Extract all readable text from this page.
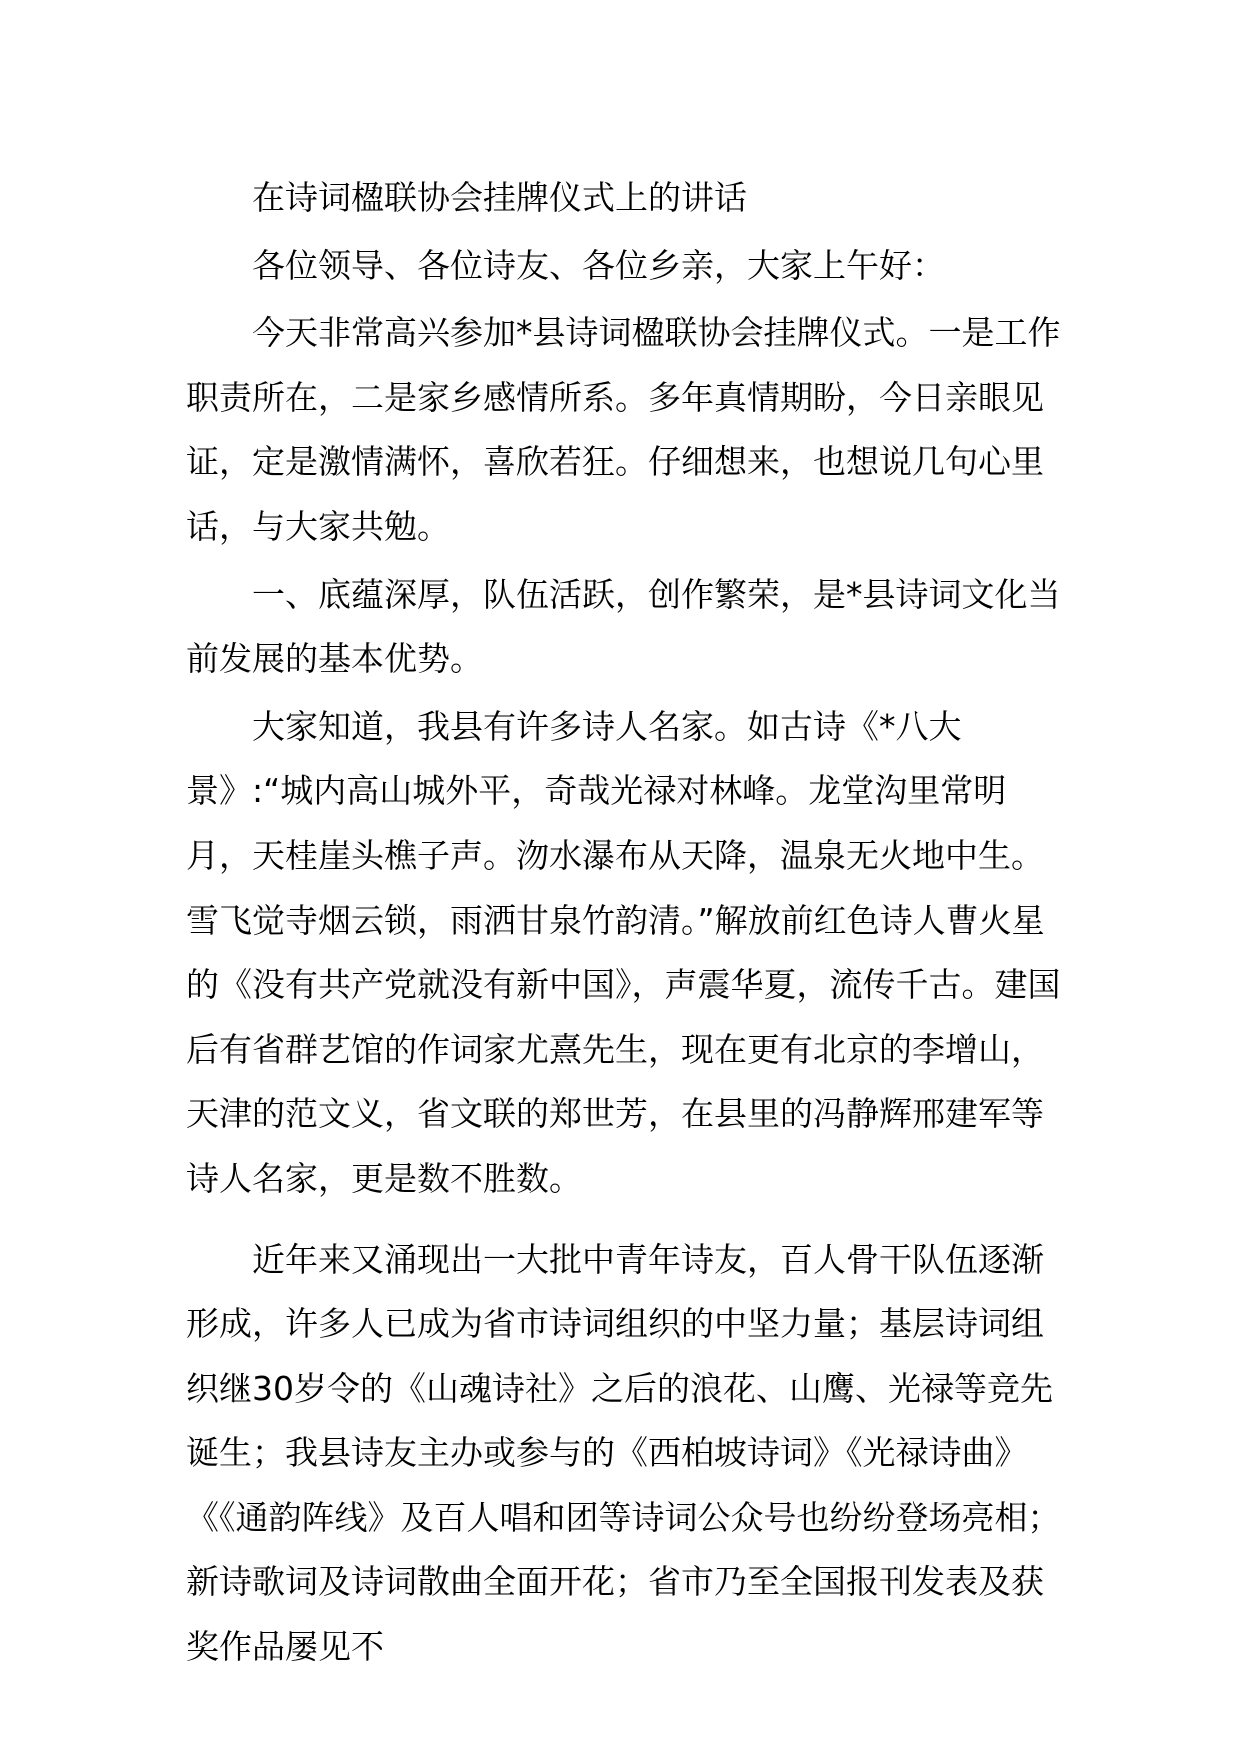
在诗词楹联协会挂牌仪式上的讲话

各位领导、各位诗友、各位乡亲，大家上午好：

今天非常高兴参加*县诗词楹联协会挂牌仪式。一是工作职责所在，二是家乡感情所系。多年真情期盼，今日亲眼见证，定是激情满怀，喜欣若狂。仔细想来，也想说几句心里话，与大家共勉。

一、底蕴深厚，队伍活跃，创作繁荣，是*县诗词文化当前发展的基本优势。

大家知道，我县有许多诗人名家。如古诗《*八大景》:“城内高山城外平，奇哉光禄对林峰。龙堂沟里常明月，天桂崖头樵子声。沕水瀑布从天降，温泉无火地中生。雪飞觉寺烟云锁，雨洒甘泉竹韵清。”解放前红色诗人曹火星的《没有共产党就没有新中国》，声震华夏，流传千古。建国后有省群艺馆的作词家尤熹先生，现在更有北京的李增山，天津的范文义，省文联的郑世芳，在县里的冯静辉邢建军等诗人名家，更是数不胜数。

近年来又涌现出一大批中青年诗友，百人骨干队伍逐渐形成，许多人已成为省市诗词组织的中坚力量；基层诗词组织继30岁令的《山魂诗社》之后的浪花、山鹰、光禄等竞先诞生；我县诗友主办或参与的《西柏坡诗词》《光禄诗曲》《《通韵阵线》及百人唱和团等诗词公众号也纷纷登场亮相；新诗歌词及诗词散曲全面开花；省市乃至全国报刊发表及获奖作品屡见不
